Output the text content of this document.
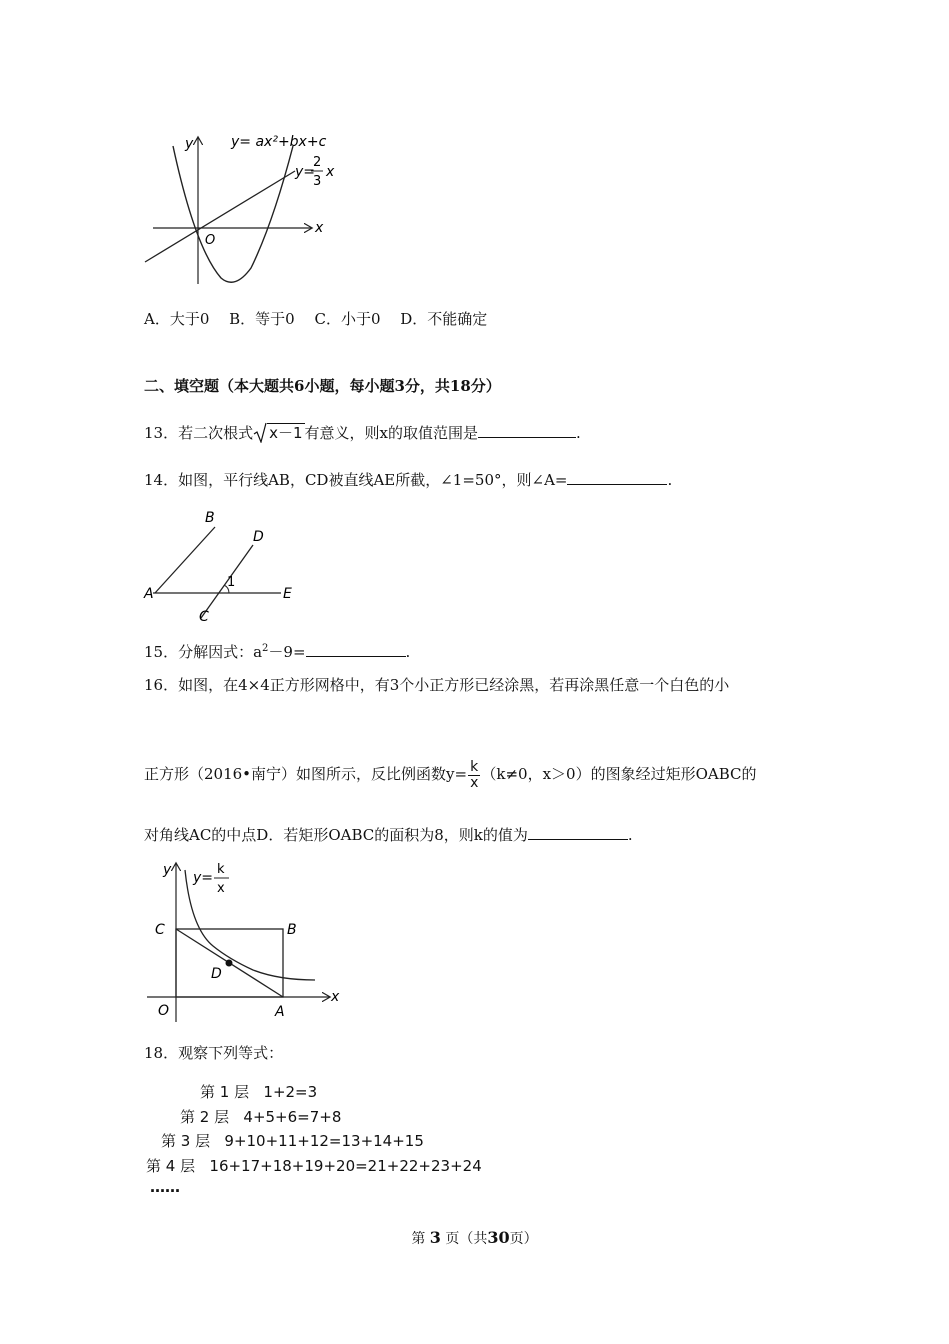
y= ax²+bx+c
y=
2
3
x
x
y
O
A．大于0　 B．等于0　 C．小于0　 D．不能确定
二、填空题（本大题共6小题，每小题3分，共18分）
13．若二次根式 x－1 有意义，则x的取值范围是	.
14．如图，平行线AB，CD被直线AE所截，∠1=50°，则∠A=	.
B
D
A	E
C
1
15．分解因式：$a^2-9=$	.
16．如图，在4×4正方形网格中，有3个小正方形已经涂黑，若再涂黑任意一个白色的小
正方形（2016•南宁）如图所示，反比例函数$y= \frac{k}{x} (k\ne 0$，x＞0）的图象经过矩形OABC的
对角线AC的中点D．若矩形OABC的面积为8，则k的值为	.
y y=
k
x
x
C	B
D
O	A
18．观察下列等式：
第 1 层 1+2=3
第 2 层 4+5+6=7+8
第 3 层 9+10+11+12=13+14+15
第 4 层 16+17+18+19+20=21+22+23+24
……
第 3 页（共30页）
